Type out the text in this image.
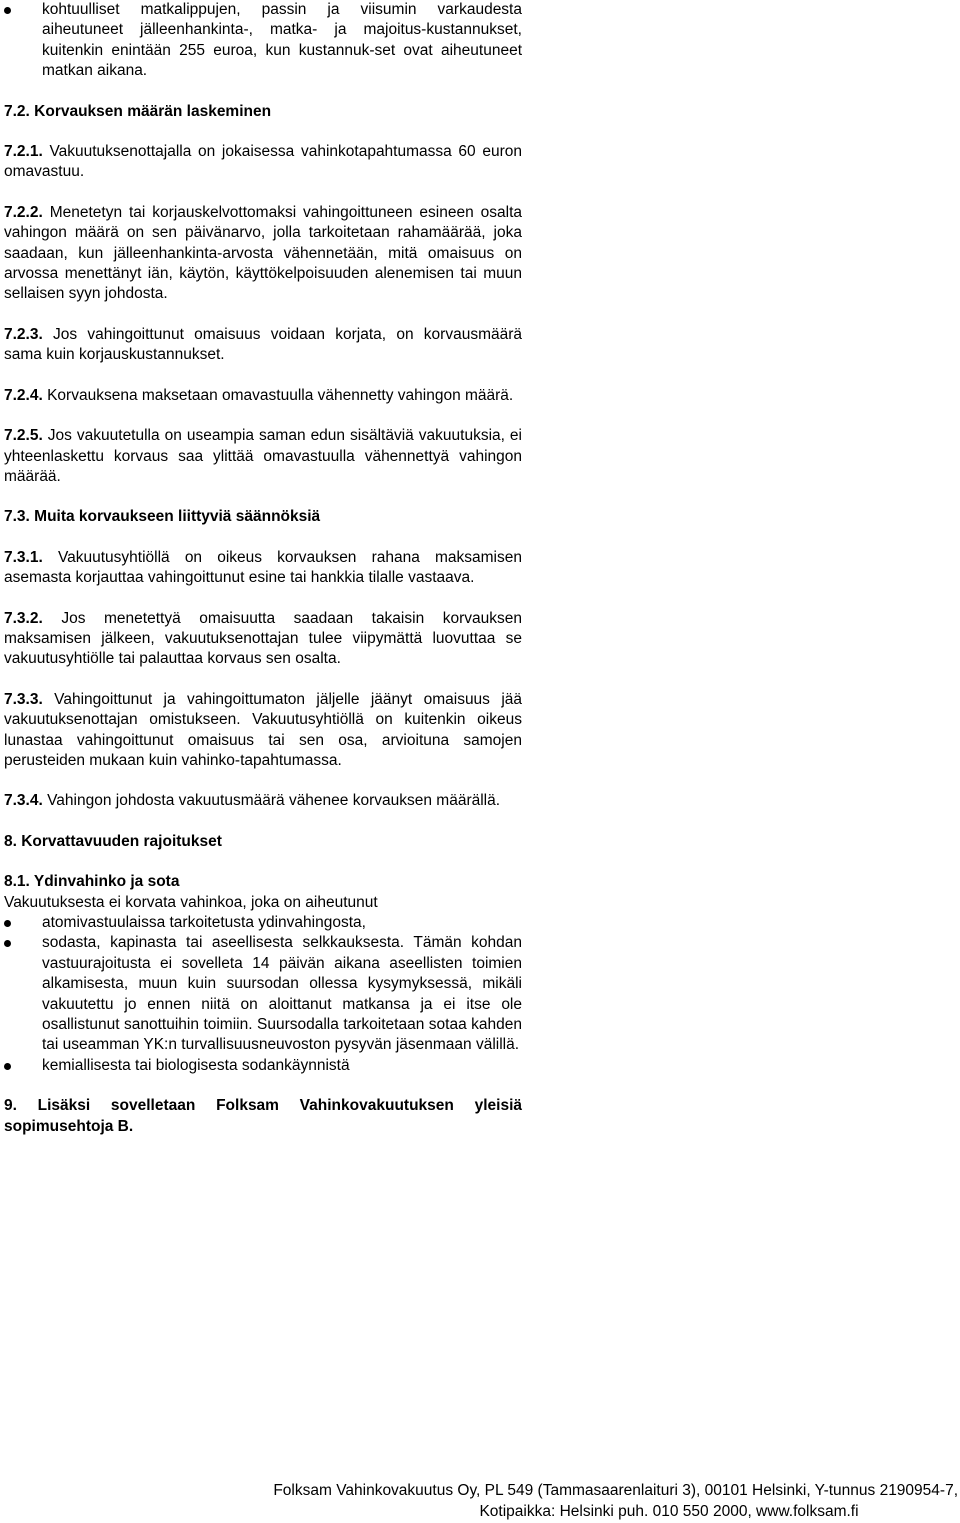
kohtuulliset matkalippujen, passin ja viisumin varkaudesta aiheutuneet jälleenhankinta-, matka- ja majoitus-kustannukset, kuitenkin enintään 255 euroa, kun kustannuk-set ovat aiheutuneet matkan aikana.

7.2. Korvauksen määrän laskeminen

7.2.1. Vakuutuksenottajalla on jokaisessa vahinkotapahtumassa 60 euron omavastuu.

7.2.2. Menetetyn tai korjauskelvottomaksi vahingoittuneen esineen osalta vahingon määrä on sen päivänarvo, jolla tarkoitetaan rahamäärää, joka saadaan, kun jälleenhankinta-arvosta vähennetään, mitä omaisuus on arvossa menettänyt iän, käytön, käyttökelpoisuuden alenemisen tai muun sellaisen syyn johdosta.

7.2.3. Jos vahingoittunut omaisuus voidaan korjata, on korvausmäärä sama kuin korjauskustannukset.

7.2.4. Korvauksena maksetaan omavastuulla vähennetty vahingon määrä.

7.2.5. Jos vakuutetulla on useampia saman edun sisältäviä vakuutuksia, ei yhteenlaskettu korvaus saa ylittää omavastuulla vähennettyä vahingon määrää.

7.3. Muita korvaukseen liittyviä säännöksiä

7.3.1. Vakuutusyhtiöllä on oikeus korvauksen rahana maksamisen asemasta korjauttaa vahingoittunut esine tai hankkia tilalle vastaava.

7.3.2. Jos menetettyä omaisuutta saadaan takaisin korvauksen maksamisen jälkeen, vakuutuksenottajan tulee viipymättä luovuttaa se vakuutusyhtiölle tai palauttaa korvaus sen osalta.

7.3.3. Vahingoittunut ja vahingoittumaton jäljelle jäänyt omaisuus jää vakuutuksenottajan omistukseen. Vakuutusyhtiöllä on kuitenkin oikeus lunastaa vahingoittunut omaisuus tai sen osa, arvioituna samojen perusteiden mukaan kuin vahinko-tapahtumassa.

7.3.4. Vahingon johdosta vakuutusmäärä vähenee korvauksen määrällä.

8. Korvattavuuden rajoitukset

8.1. Ydinvahinko ja sota

Vakuutuksesta ei korvata vahinkoa, joka on aiheutunut

atomivastuulaissa tarkoitetusta ydinvahingosta,

sodasta, kapinasta tai aseellisesta selkkauksesta. Tämän kohdan vastuurajoitusta ei sovelleta 14 päivän aikana aseellisten toimien alkamisesta, muun kuin suursodan ollessa kysymyksessä, mikäli vakuutettu jo ennen niitä on aloittanut matkansa ja ei itse ole osallistunut sanottuihin toimiin. Suursodalla tarkoitetaan sotaa kahden tai useamman YK:n turvallisuusneuvoston pysyvän jäsenmaan välillä.

kemiallisesta tai biologisesta sodankäynnistä

9. Lisäksi sovelletaan Folksam Vahinkovakuutuksen yleisiä sopimusehtoja B.

Folksam Vahinkovakuutus Oy, PL 549 (Tammasaarenlaituri 3), 00101 Helsinki, Y-tunnus 2190954-7,
Kotipaikka: Helsinki puh. 010 550 2000, www.folksam.fi
